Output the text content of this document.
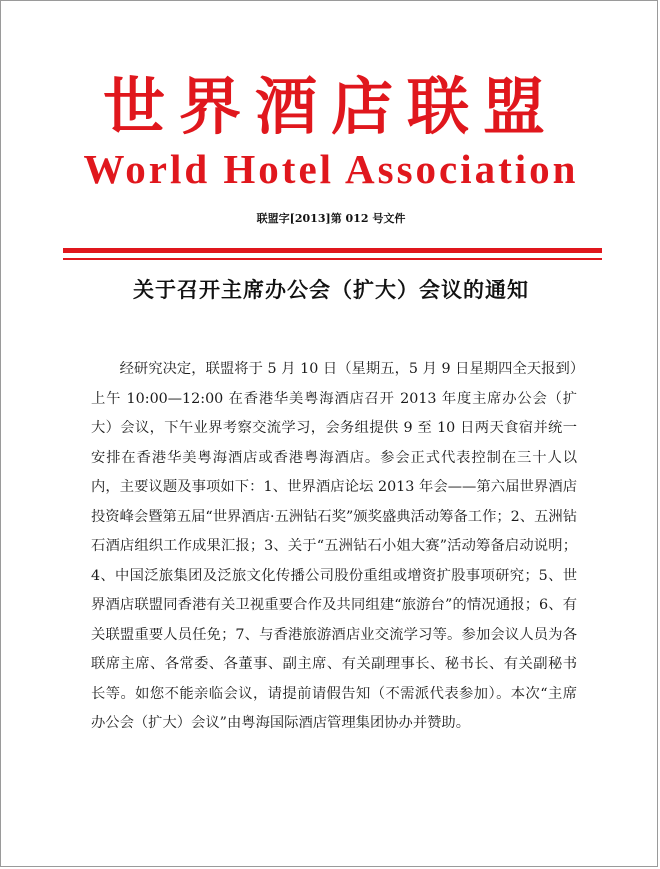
世界酒店联盟
World Hotel Association
联盟字[2013]第 012 号文件
关于召开主席办公会（扩大）会议的通知

经研究决定，联盟将于 5 月 10 日（星期五，5 月 9 日星期四全天报到）上午 10:00—12:00 在香港华美粤海酒店召开 2013 年度主席办公会（扩大）会议，下午业界考察交流学习，会务组提供 9 至 10 日两天食宿并统一安排在香港华美粤海酒店或香港粤海酒店。参会正式代表控制在三十人以内，主要议题及事项如下：1、世界酒店论坛 2013 年会——第六届世界酒店投资峰会暨第五届“世界酒店·五洲钻石奖”颁奖盛典活动筹备工作；2、五洲钻石酒店组织工作成果汇报；3、关于“五洲钻石小姐大赛”活动筹备启动说明；4、中国泛旅集团及泛旅文化传播公司股份重组或增资扩股事项研究；5、世界酒店联盟同香港有关卫视重要合作及共同组建“旅游台”的情况通报；6、有关联盟重要人员任免；7、与香港旅游酒店业交流学习等。参加会议人员为各联席主席、各常委、各董事、副主席、有关副理事长、秘书长、有关副秘书长等。如您不能亲临会议，请提前请假告知（不需派代表参加）。本次“主席办公会（扩大）会议”由粤海国际酒店管理集团协办并赞助。
